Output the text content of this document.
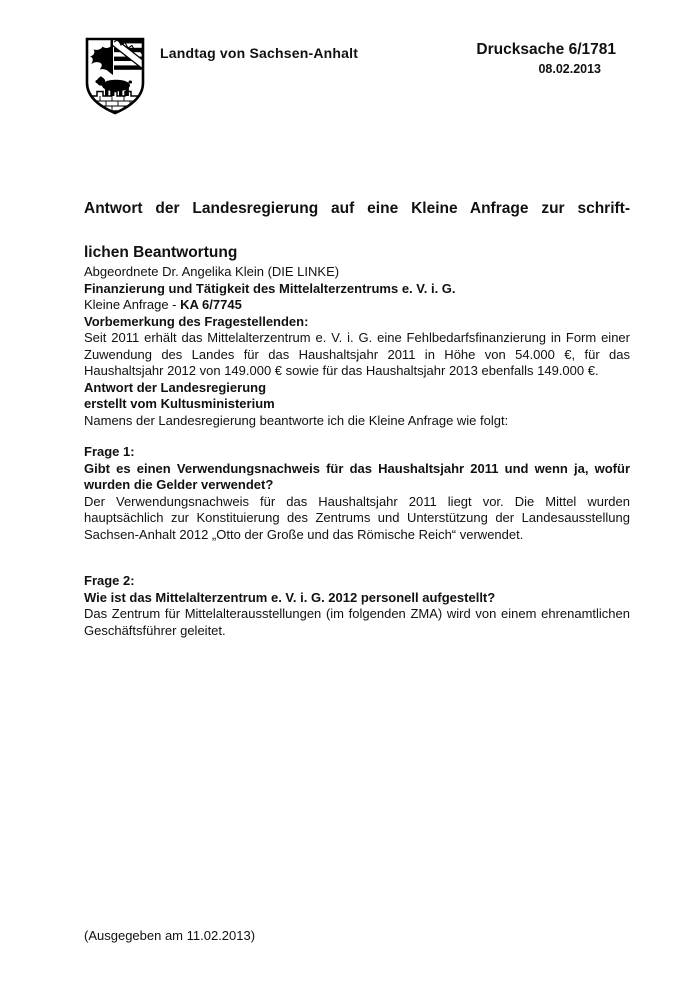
Landtag von Sachsen-Anhalt	Drucksache 6/1781
08.02.2013
Antwort der Landesregierung auf eine Kleine Anfrage zur schrift-lichen Beantwortung

Abgeordnete Dr. Angelika Klein (DIE LINKE)

Finanzierung und Tätigkeit des Mittelalterzentrums e. V. i. G.

Kleine Anfrage - KA 6/7745

Vorbemerkung des Fragestellenden:

Seit 2011 erhält das Mittelalterzentrum e. V. i. G. eine Fehlbedarfsfinanzierung in Form einer Zuwendung des Landes für das Haushaltsjahr 2011 in Höhe von 54.000 €, für das Haushaltsjahr 2012 von 149.000 € sowie für das Haushaltsjahr 2013 ebenfalls 149.000 €.

Antwort der Landesregierung
erstellt vom Kultusministerium

Namens der Landesregierung beantworte ich die Kleine Anfrage wie folgt:

Frage 1:
Gibt es einen Verwendungsnachweis für das Haushaltsjahr 2011 und wenn ja, wofür wurden die Gelder verwendet?

Der Verwendungsnachweis für das Haushaltsjahr 2011 liegt vor. Die Mittel wurden hauptsächlich zur Konstituierung des Zentrums und Unterstützung der Landesausstellung Sachsen-Anhalt 2012 „Otto der Große und das Römische Reich“ verwendet.

Frage 2:
Wie ist das Mittelalterzentrum e. V. i. G. 2012 personell aufgestellt?

Das Zentrum für Mittelalterausstellungen (im folgenden ZMA) wird von einem ehrenamtlichen Geschäftsführer geleitet.

(Ausgegeben am 11.02.2013)
